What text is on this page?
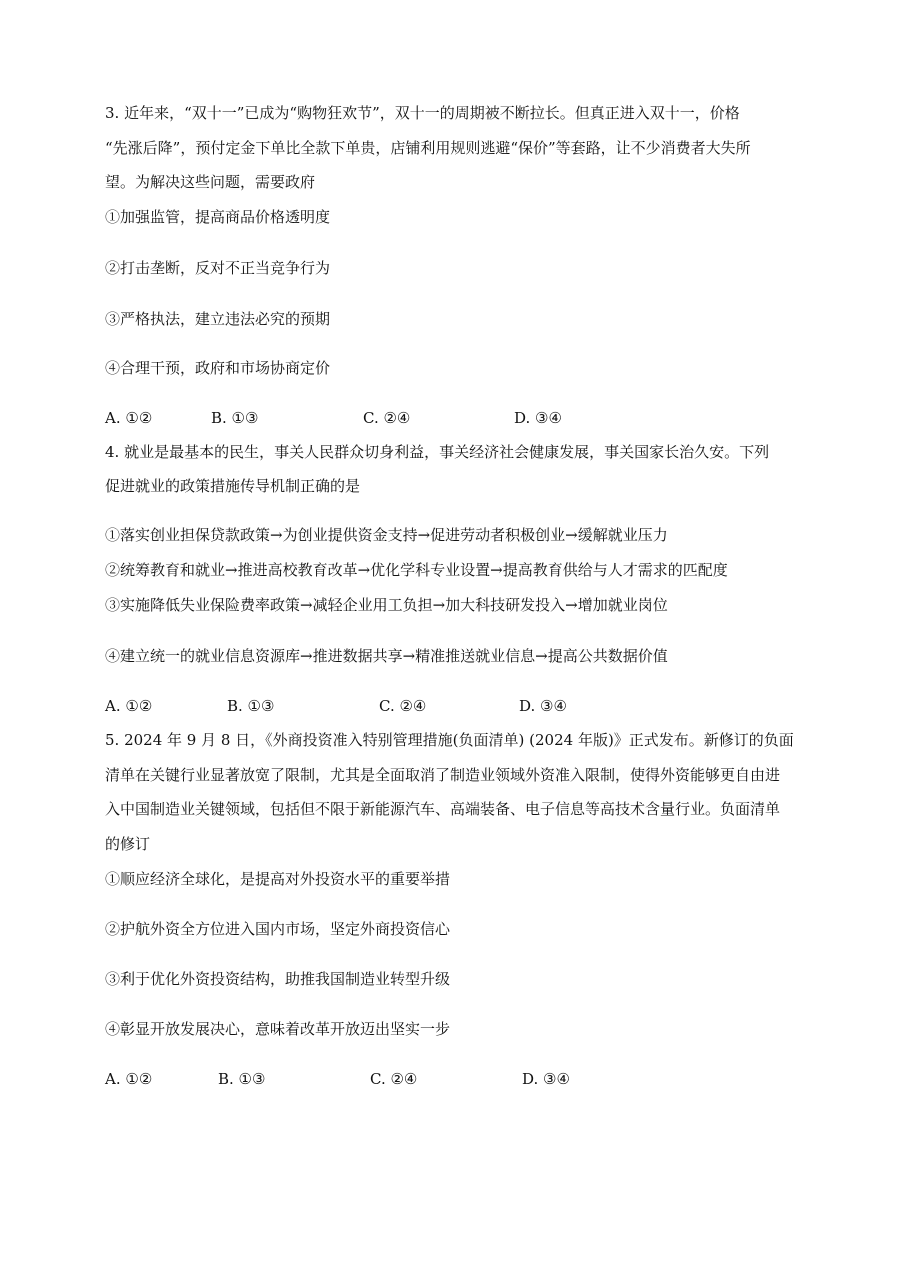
3. 近年来，“双十一”已成为“购物狂欢节”，双十一的周期被不断拉长。但真正进入双十一，价格
“先涨后降”，预付定金下单比全款下单贵，店铺利用规则逃避“保价”等套路，让不少消费者大失所
望。为解决这些问题，需要政府
①加强监管，提高商品价格透明度
②打击垄断，反对不正当竞争行为
③严格执法，建立违法必究的预期
④合理干预，政府和市场协商定价
A. ①②	B. ①③	C. ②④	D. ③④
4. 就业是最基本的民生，事关人民群众切身利益，事关经济社会健康发展，事关国家长治久安。下列
促进就业的政策措施传导机制正确的是
①落实创业担保贷款政策→为创业提供资金支持→促进劳动者积极创业→缓解就业压力
②统筹教育和就业→推进高校教育改革→优化学科专业设置→提高教育供给与人才需求的匹配度
③实施降低失业保险费率政策→减轻企业用工负担→加大科技研发投入→增加就业岗位
④建立统一的就业信息资源库→推进数据共享→精准推送就业信息→提高公共数据价值
A. ①②	B. ①③	C. ②④	D. ③④
5. 2024 年 9 月 8 日，《外商投资准入特别管理措施(负面清单) (2024 年版)》正式发布。新修订的负面
清单在关键行业显著放宽了限制，尤其是全面取消了制造业领域外资准入限制，使得外资能够更自由进
入中国制造业关键领域，包括但不限于新能源汽车、高端装备、电子信息等高技术含量行业。负面清单
的修订
①顺应经济全球化，是提高对外投资水平的重要举措
②护航外资全方位进入国内市场，坚定外商投资信心
③利于优化外资投资结构，助推我国制造业转型升级
④彰显开放发展决心，意味着改革开放迈出坚实一步
A. ①②	B. ①③	C. ②④	D. ③④
